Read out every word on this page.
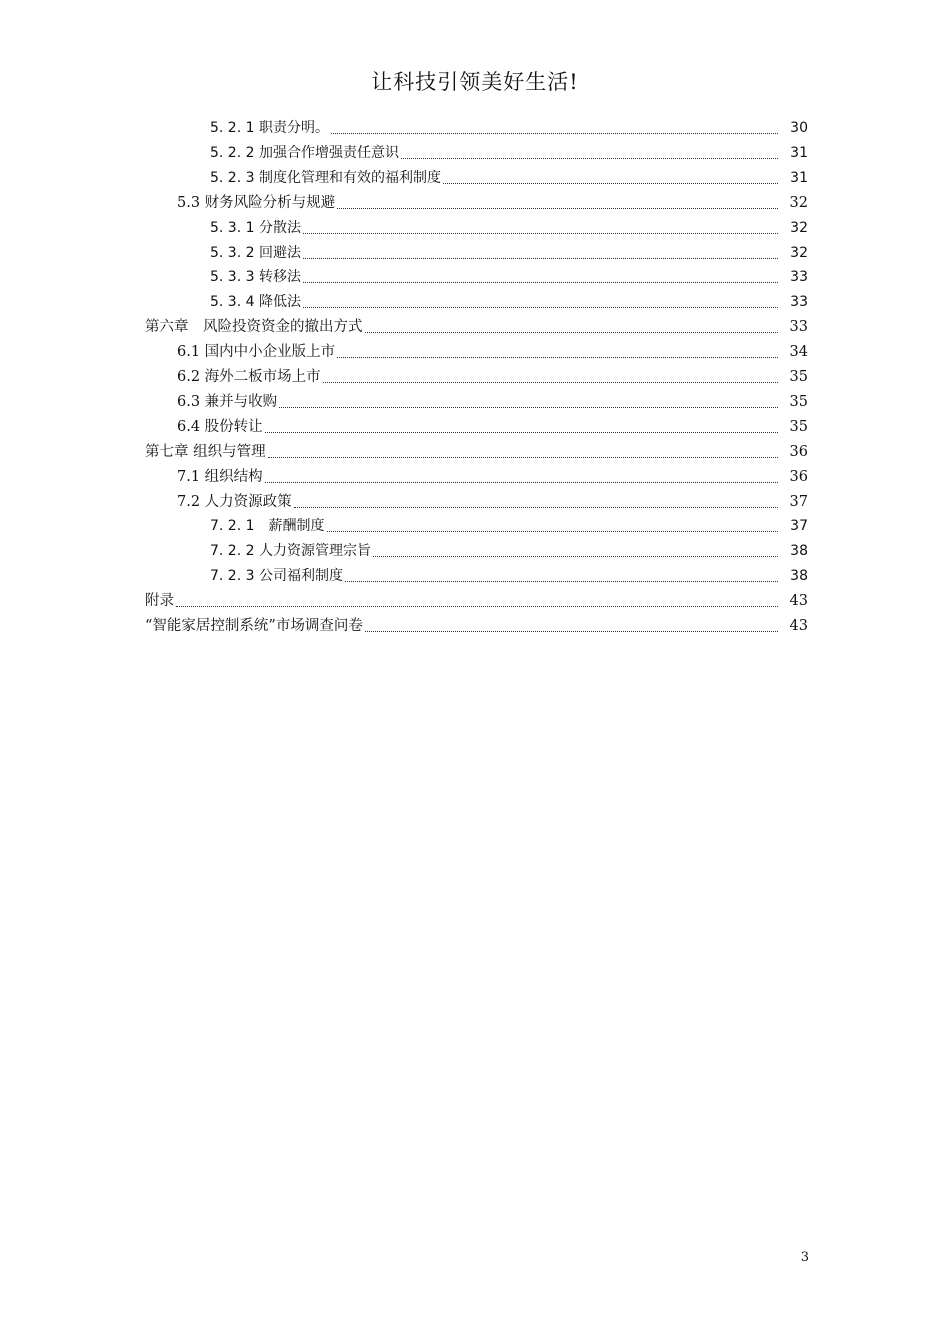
让科技引领美好生活!
5. 2. 1 职责分明。	30
5. 2. 2 加强合作增强责任意识	31
5. 2. 3 制度化管理和有效的福利制度	31
5.3 财务风险分析与规避	32
5. 3. 1 分散法	32
5. 3. 2 回避法	32
5. 3. 3 转移法	33
5. 3. 4 降低法	33
第六章　风险投资资金的撤出方式	33
6.1 国内中小企业版上市	34
6.2 海外二板市场上市	35
6.3 兼并与收购	35
6.4 股份转让	35
第七章 组织与管理	36
7.1 组织结构	36
7.2 人力资源政策	37
7. 2. 1　薪酬制度	37
7. 2. 2 人力资源管理宗旨	38
7. 2. 3 公司福利制度	38
附录	43
“智能家居控制系统”市场调查问卷	43
3
